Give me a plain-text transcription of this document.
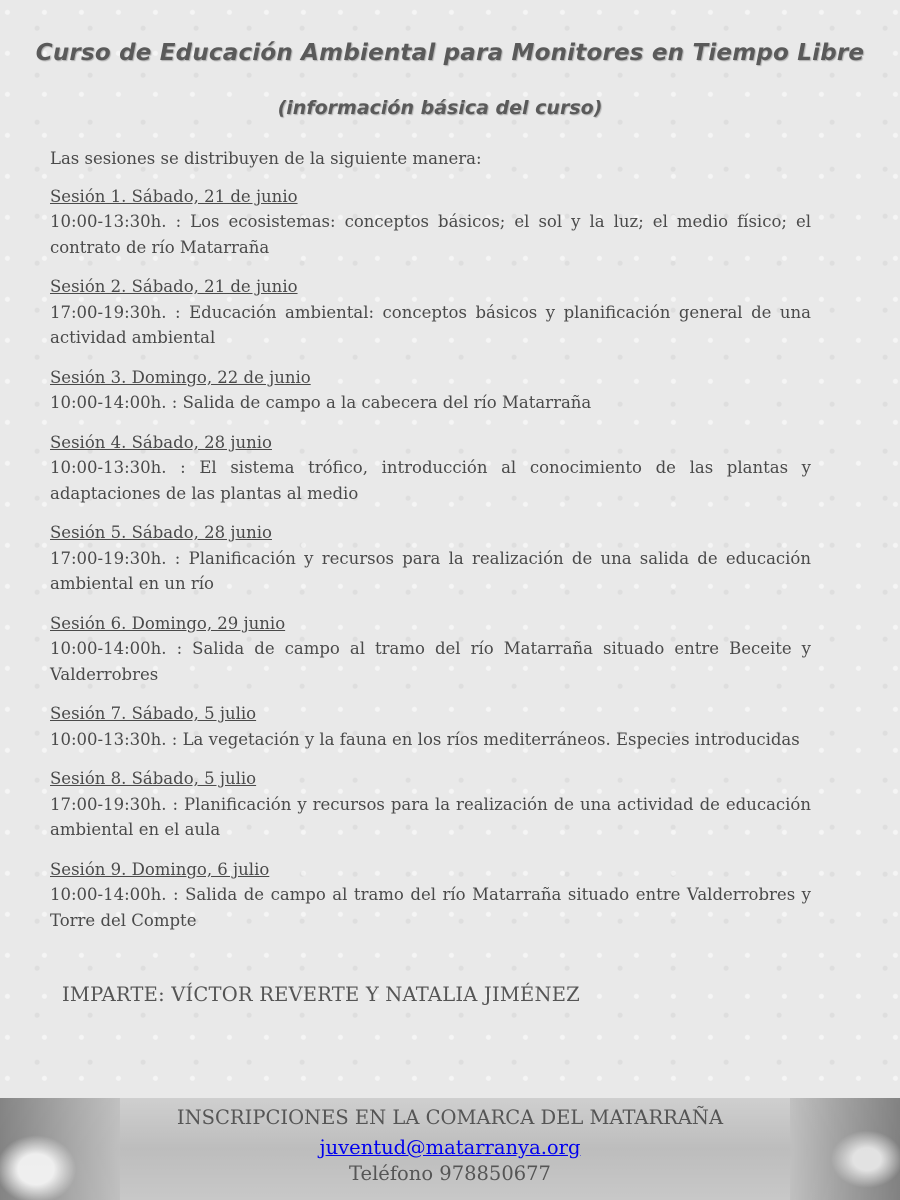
Curso de Educación Ambiental para Monitores en Tiempo Libre
(información básica del curso)
Las sesiones se distribuyen de la siguiente manera:
Sesión 1. Sábado, 21 de junio
10:00-13:30h. : Los ecosistemas: conceptos básicos; el sol y la luz; el medio físico; el contrato de río Matarraña
Sesión 2. Sábado, 21 de junio
17:00-19:30h. : Educación ambiental: conceptos básicos y planificación general de una actividad ambiental
Sesión 3. Domingo, 22 de junio
10:00-14:00h. : Salida de campo a la cabecera del río Matarraña
Sesión 4. Sábado, 28 junio
10:00-13:30h. : El sistema trófico, introducción al conocimiento de las plantas y adaptaciones de las plantas al medio
Sesión 5. Sábado, 28 junio
17:00-19:30h. : Planificación y recursos para la realización de una salida de educación ambiental en un río
Sesión 6. Domingo, 29 junio
10:00-14:00h. : Salida de campo al tramo del río Matarraña situado entre Beceite y Valderrobres
Sesión 7. Sábado, 5 julio
10:00-13:30h. : La vegetación y la fauna en los ríos mediterráneos. Especies introducidas
Sesión 8. Sábado, 5 julio
17:00-19:30h. : Planificación y recursos para la realización de una actividad de educación ambiental en el aula
Sesión 9. Domingo, 6 julio
10:00-14:00h. : Salida de campo al tramo del río Matarraña situado entre Valderrobres y Torre del Compte
IMPARTE: VÍCTOR REVERTE Y NATALIA JIMÉNEZ
INSCRIPCIONES EN LA COMARCA DEL MATARRAÑA
juventud@matarranya.org
Teléfono 978850677
